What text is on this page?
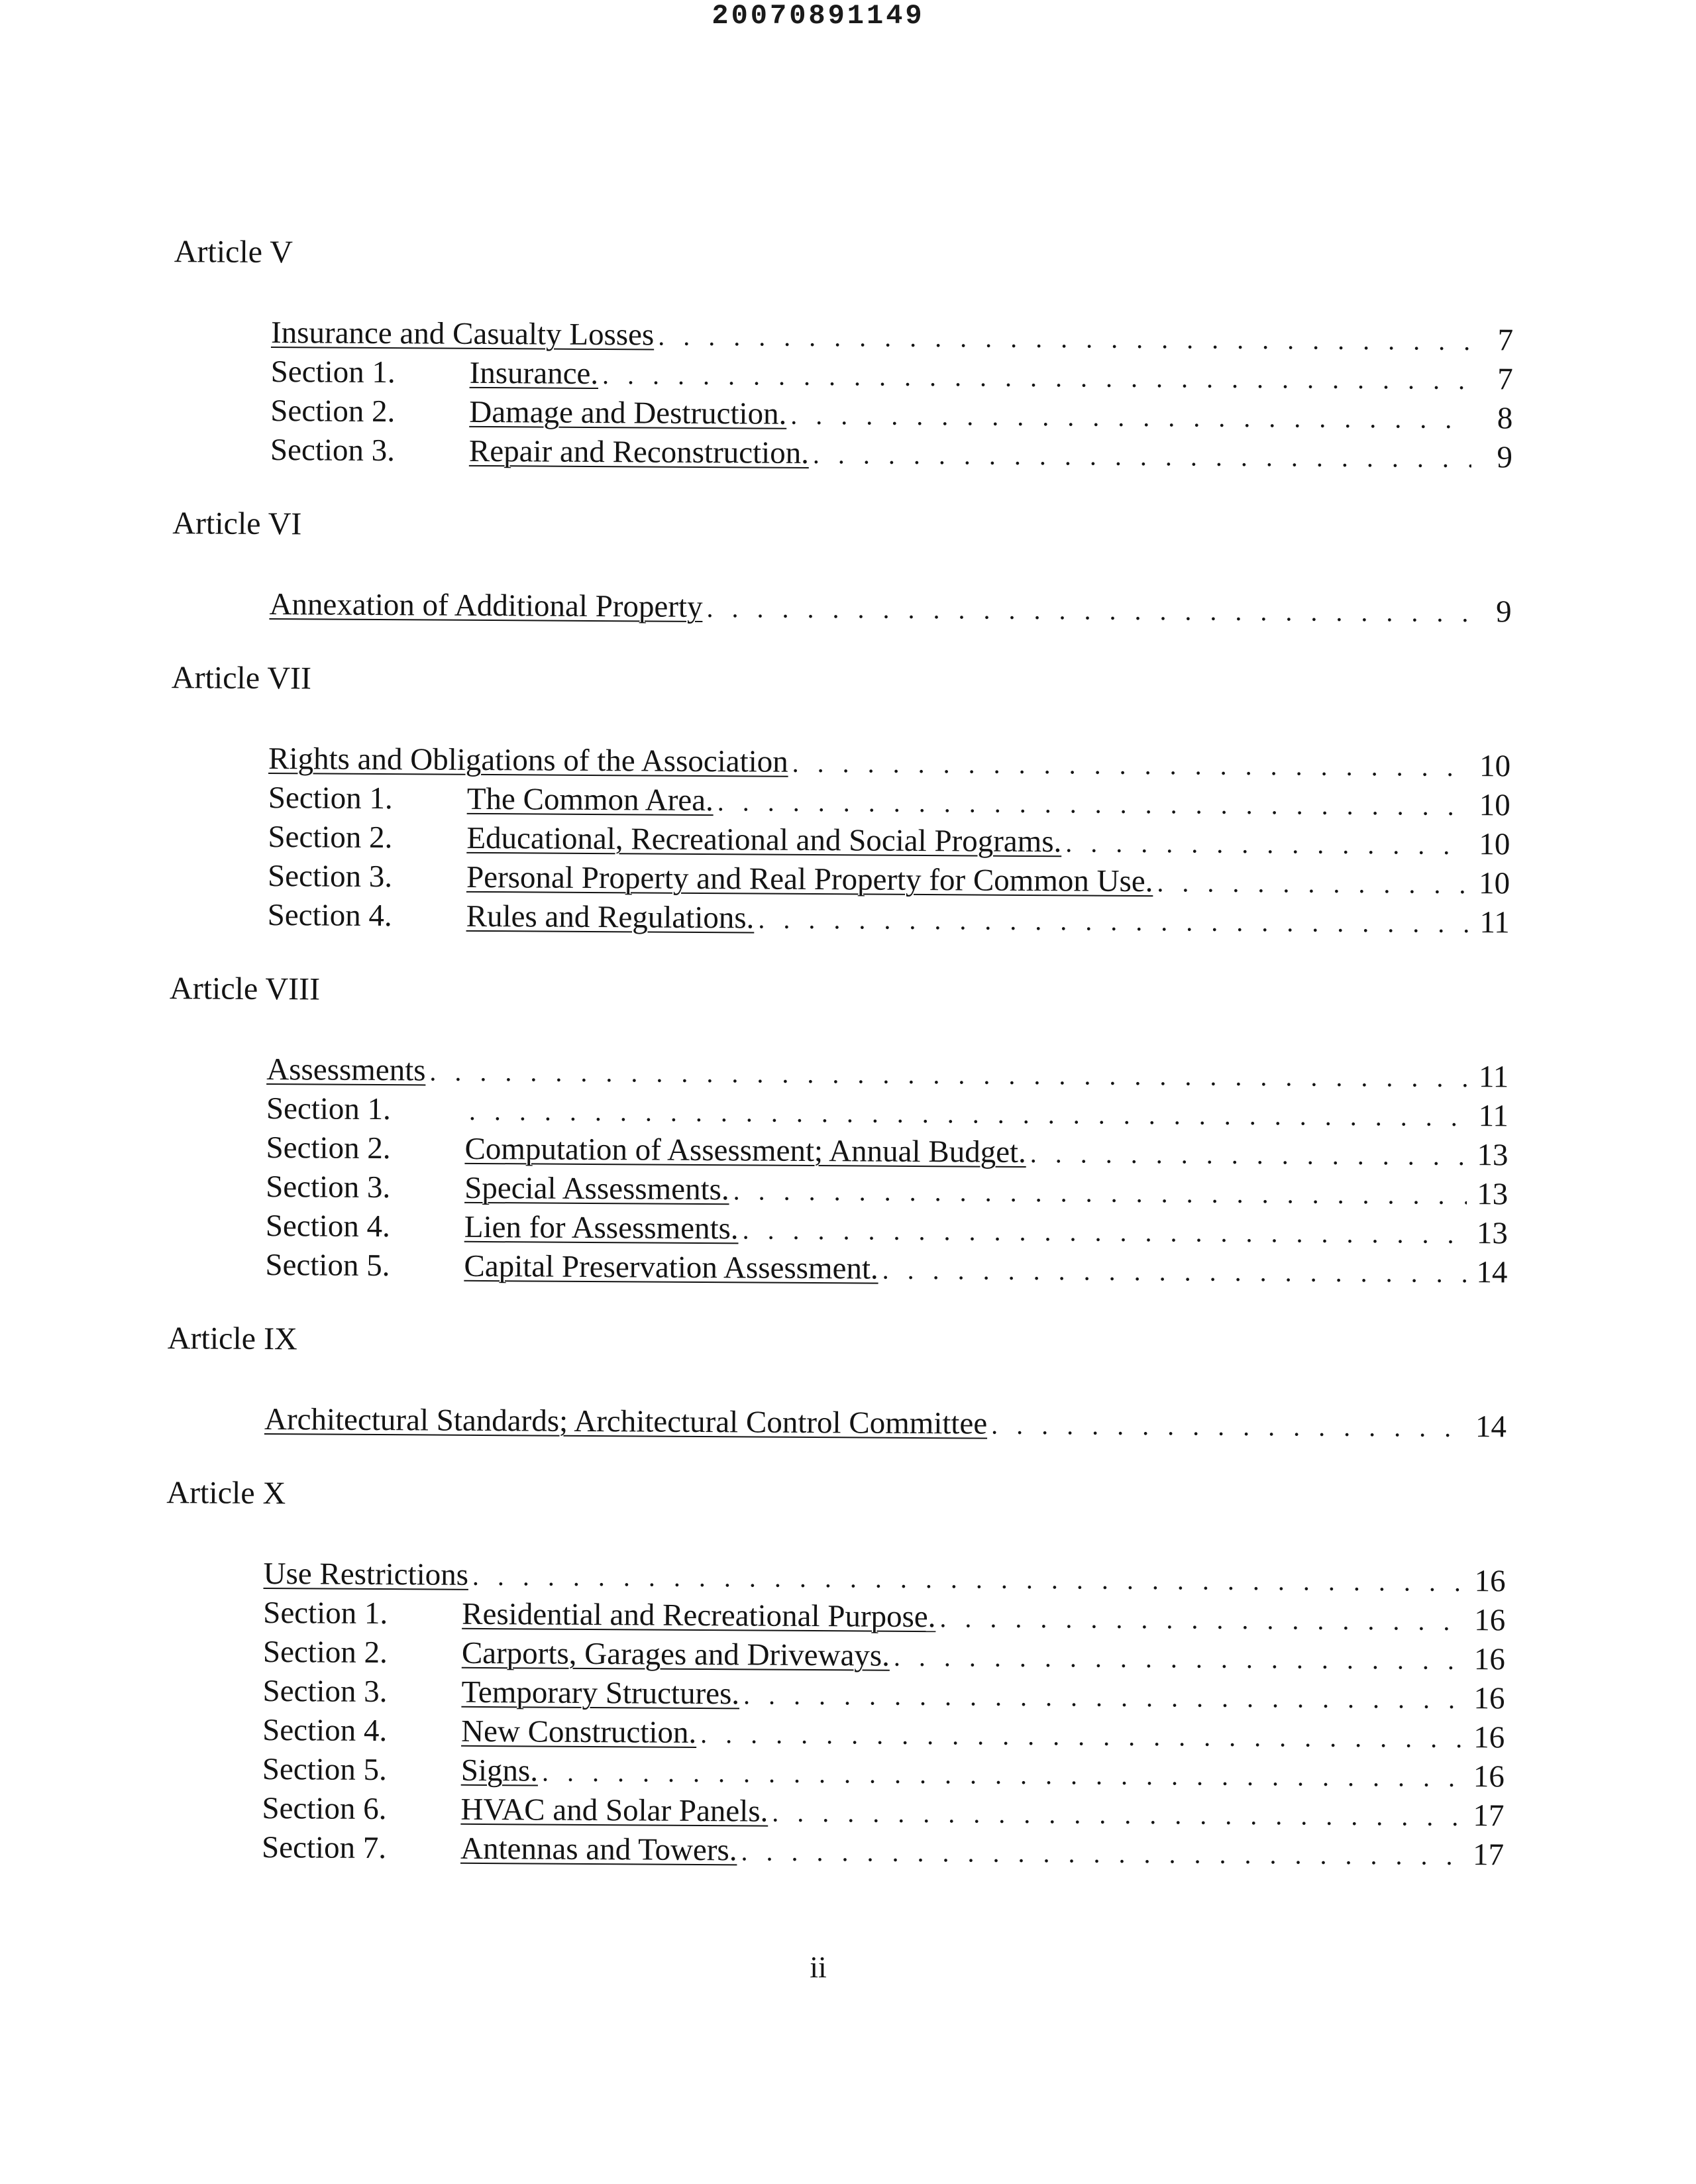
20070891149
Article V
Insurance and Casualty Losses . . .	7
Section 1.	Insurance. . . .	7
Section 2.	Damage and Destruction. . . .	8
Section 3.	Repair and Reconstruction. . . .	9
Article VI
Annexation of Additional Property . . .	9
Article VII
Rights and Obligations of the Association . . .	10
Section 1.	The Common Area. . . .	10
Section 2.	Educational, Recreational and Social Programs. . . .	10
Section 3.	Personal Property and Real Property for Common Use. . . .	10
Section 4.	Rules and Regulations. . . .	11
Article VIII
Assessments . . .	11
Section 1. . . .	11
Section 2.	Computation of Assessment; Annual Budget. . . .	13
Section 3.	Special Assessments. . . .	13
Section 4.	Lien for Assessments. . . .	13
Section 5.	Capital Preservation Assessment. . . .	14
Article IX
Architectural Standards; Architectural Control Committee . . .	14
Article X
Use Restrictions . . .	16
Section 1.	Residential and Recreational Purpose. . . .	16
Section 2.	Carports, Garages and Driveways. . . .	16
Section 3.	Temporary Structures. . . .	16
Section 4.	New Construction. . . .	16
Section 5.	Signs. . . .	16
Section 6.	HVAC and Solar Panels. . . .	17
Section 7.	Antennas and Towers. . . .	17
ii
